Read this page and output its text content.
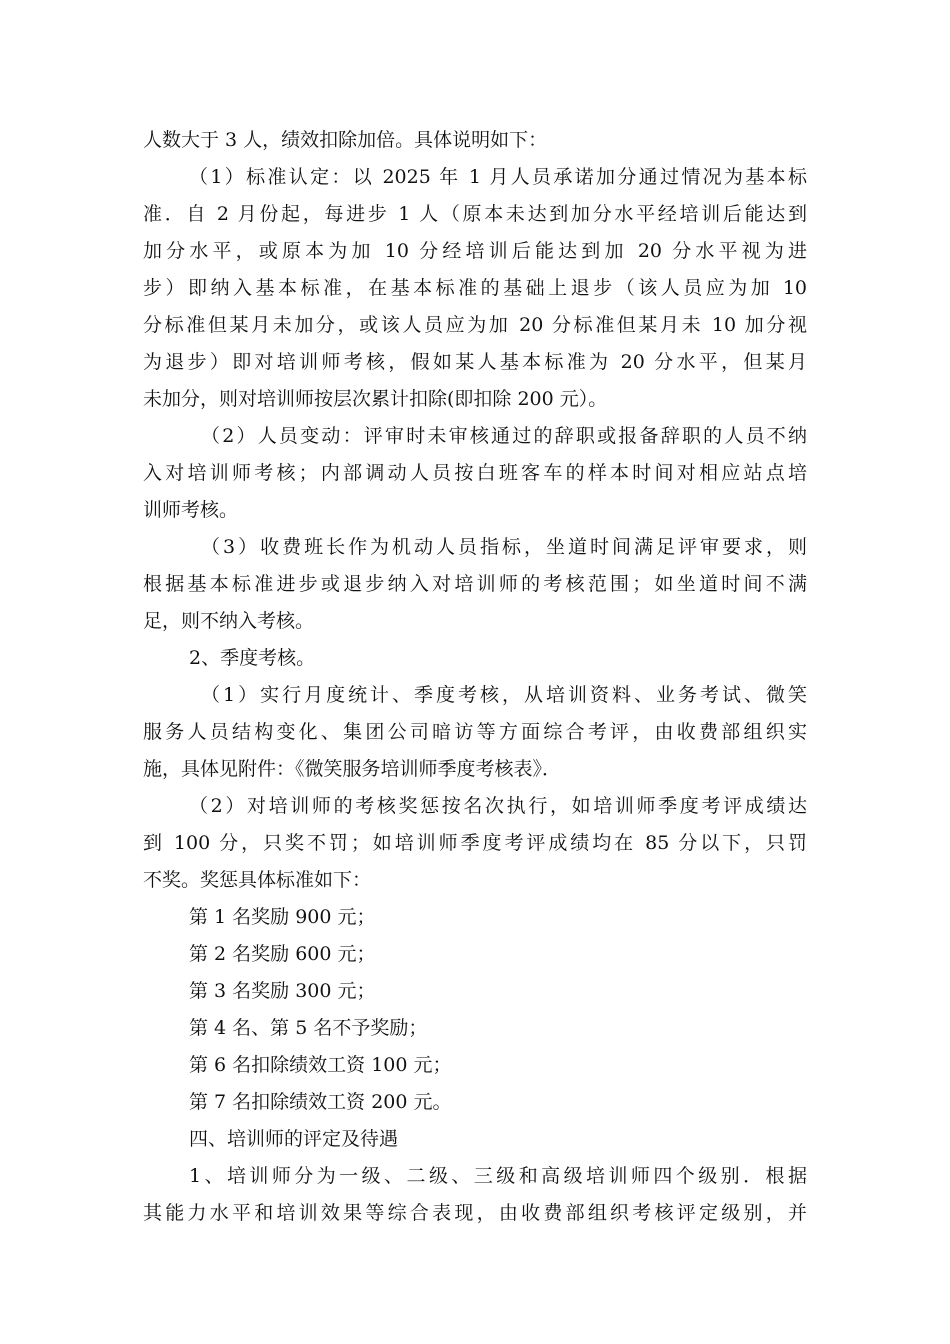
人数大于 3 人，绩效扣除加倍。具体说明如下：
（1）标准认定：以 2025 年 1 月人员承诺加分通过情况为基本标
准．自 2 月份起，每进步 1 人（原本未达到加分水平经培训后能达到
加分水平，或原本为加 10 分经培训后能达到加 20 分水平视为进
步）即纳入基本标准，在基本标准的基础上退步（该人员应为加 10
分标准但某月未加分，或该人员应为加 20 分标准但某月未 10 加分视
为退步）即对培训师考核，假如某人基本标准为 20 分水平，但某月
未加分，则对培训师按层次累计扣除(即扣除 200 元）。
（2）人员变动：评审时未审核通过的辞职或报备辞职的人员不纳
入对培训师考核；内部调动人员按白班客车的样本时间对相应站点培
训师考核。
（3）收费班长作为机动人员指标，坐道时间满足评审要求，则
根据基本标准进步或退步纳入对培训师的考核范围；如坐道时间不满
足，则不纳入考核。
2、季度考核。
（1）实行月度统计、季度考核，从培训资料、业务考试、微笑
服务人员结构变化、集团公司暗访等方面综合考评，由收费部组织实
施，具体见附件：《微笑服务培训师季度考核表》．
（2）对培训师的考核奖惩按名次执行，如培训师季度考评成绩达
到 100 分，只奖不罚；如培训师季度考评成绩均在 85 分以下，只罚
不奖。奖惩具体标准如下：
第 1 名奖励 900 元；
第 2 名奖励 600 元；
第 3 名奖励 300 元；
第 4 名、第 5 名不予奖励；
第 6 名扣除绩效工资 100 元；
第 7 名扣除绩效工资 200 元。
四、培训师的评定及待遇
1、培训师分为一级、二级、三级和高级培训师四个级别．根据
其能力水平和培训效果等综合表现，由收费部组织考核评定级别，并
